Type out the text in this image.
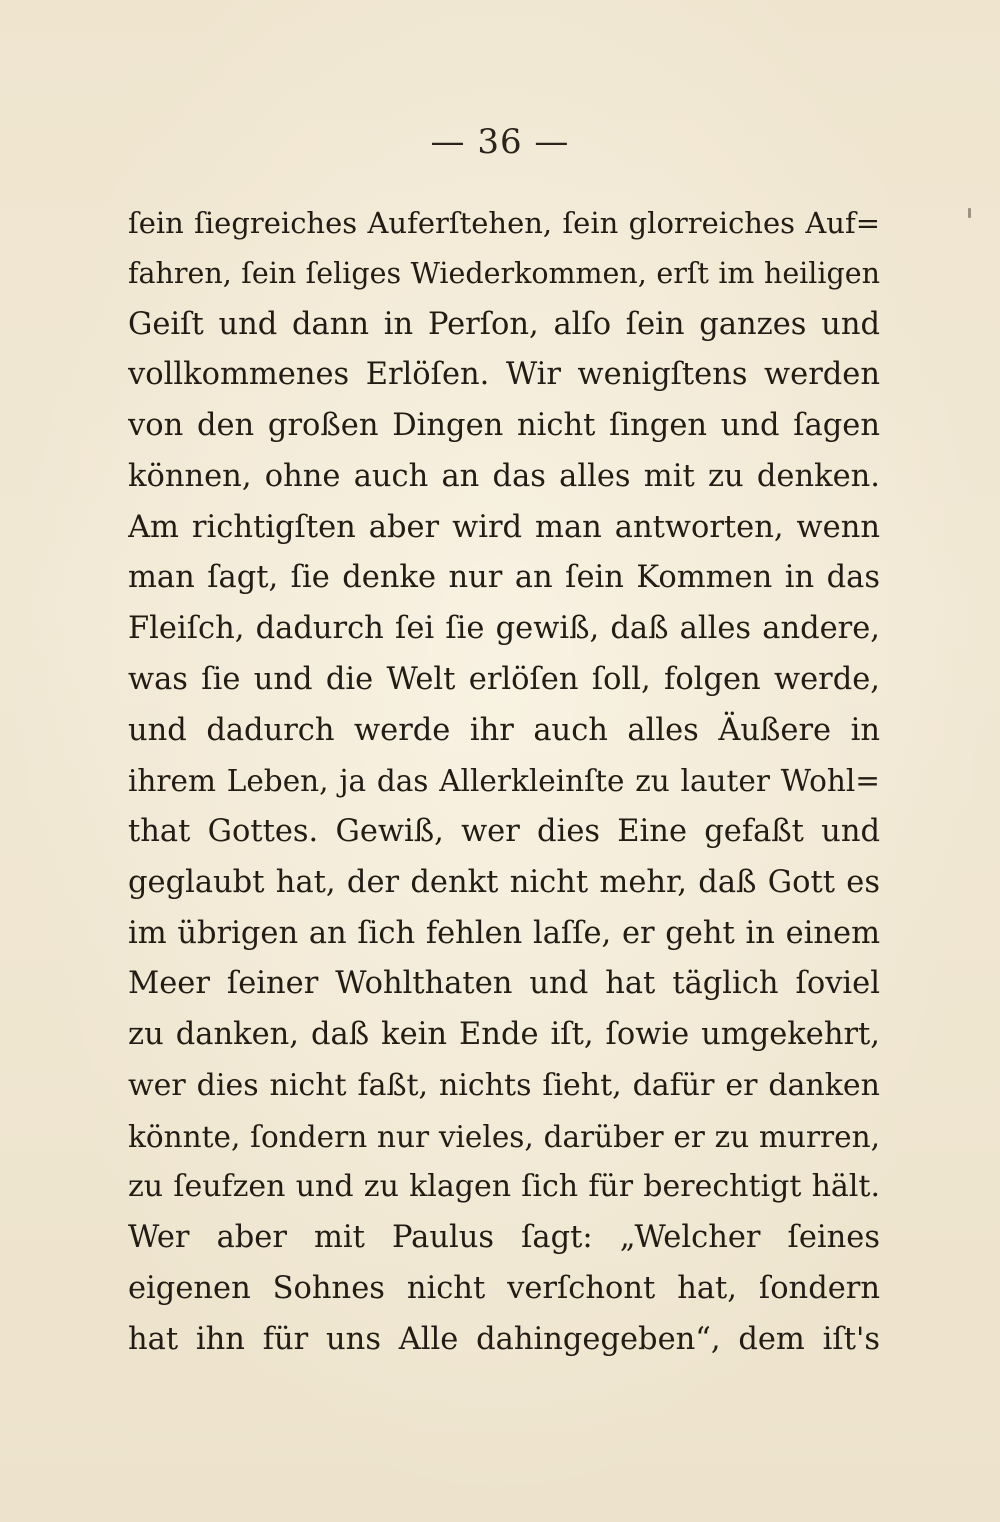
— 36 —
ſein ſiegreiches Auferſtehen, ſein glorreiches Auf=
fahren, ſein ſeliges Wiederkommen, erſt im heiligen
Geiſt und dann in Perſon, alſo ſein ganzes und
vollkommenes Erlöſen. Wir wenigſtens werden
von den großen Dingen nicht ſingen und ſagen
können, ohne auch an das alles mit zu denken.
Am richtigſten aber wird man antworten, wenn
man ſagt, ſie denke nur an ſein Kommen in das
Fleiſch, dadurch ſei ſie gewiß, daß alles andere,
was ſie und die Welt erlöſen ſoll, folgen werde,
und dadurch werde ihr auch alles Äußere in
ihrem Leben, ja das Allerkleinſte zu lauter Wohl=
that Gottes. Gewiß, wer dies Eine gefaßt und
geglaubt hat, der denkt nicht mehr, daß Gott es
im übrigen an ſich fehlen laſſe, er geht in einem
Meer ſeiner Wohlthaten und hat täglich ſoviel
zu danken, daß kein Ende iſt, ſowie umgekehrt,
wer dies nicht faßt, nichts ſieht, dafür er danken
könnte, ſondern nur vieles, darüber er zu murren,
zu ſeufzen und zu klagen ſich für berechtigt hält.
Wer aber mit Paulus ſagt: „Welcher ſeines
eigenen Sohnes nicht verſchont hat, ſondern
hat ihn für uns Alle dahingegeben“, dem iſt's
